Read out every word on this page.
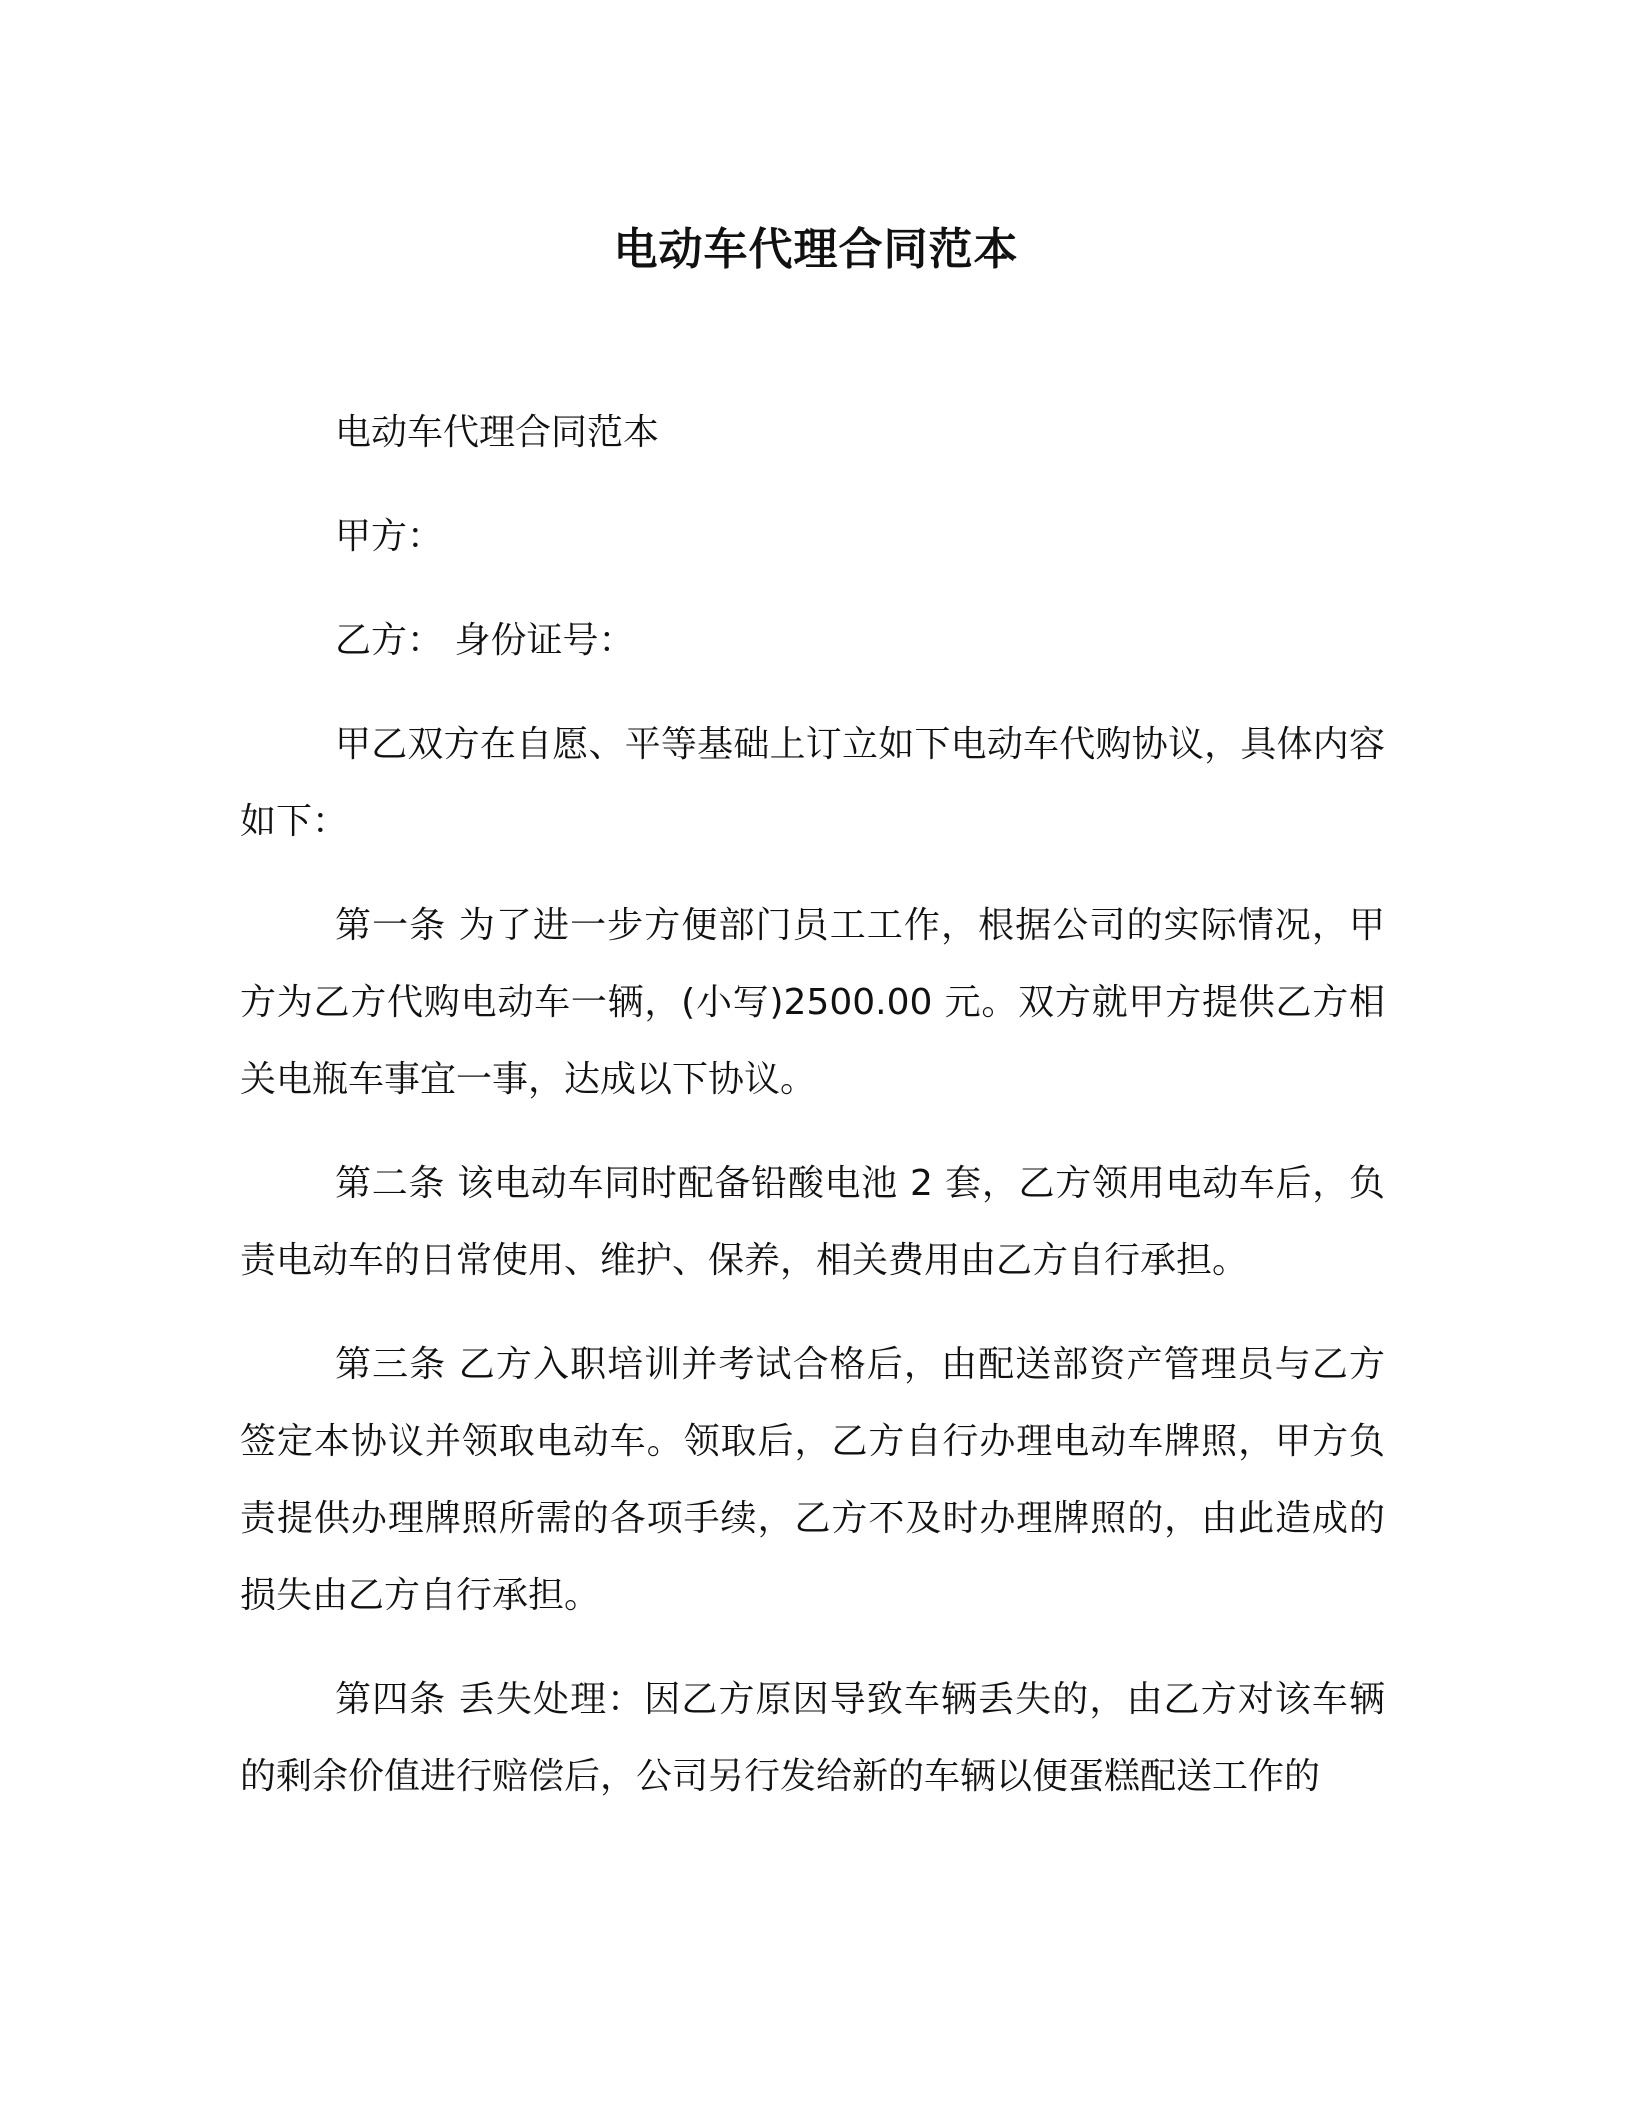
电动车代理合同范本

电动车代理合同范本

甲方：

乙方： 身份证号：

甲乙双方在自愿、平等基础上订立如下电动车代购协议，具体内容如下：

第一条 为了进一步方便部门员工工作，根据公司的实际情况，甲方为乙方代购电动车一辆，(小写)2500.00 元。双方就甲方提供乙方相关电瓶车事宜一事，达成以下协议。

第二条 该电动车同时配备铅酸电池 2 套，乙方领用电动车后，负责电动车的日常使用、维护、保养，相关费用由乙方自行承担。

第三条 乙方入职培训并考试合格后，由配送部资产管理员与乙方签定本协议并领取电动车。领取后，乙方自行办理电动车牌照，甲方负责提供办理牌照所需的各项手续，乙方不及时办理牌照的，由此造成的损失由乙方自行承担。

第四条 丢失处理：因乙方原因导致车辆丢失的，由乙方对该车辆的剩余价值进行赔偿后，公司另行发给新的车辆以便蛋糕配送工作的
